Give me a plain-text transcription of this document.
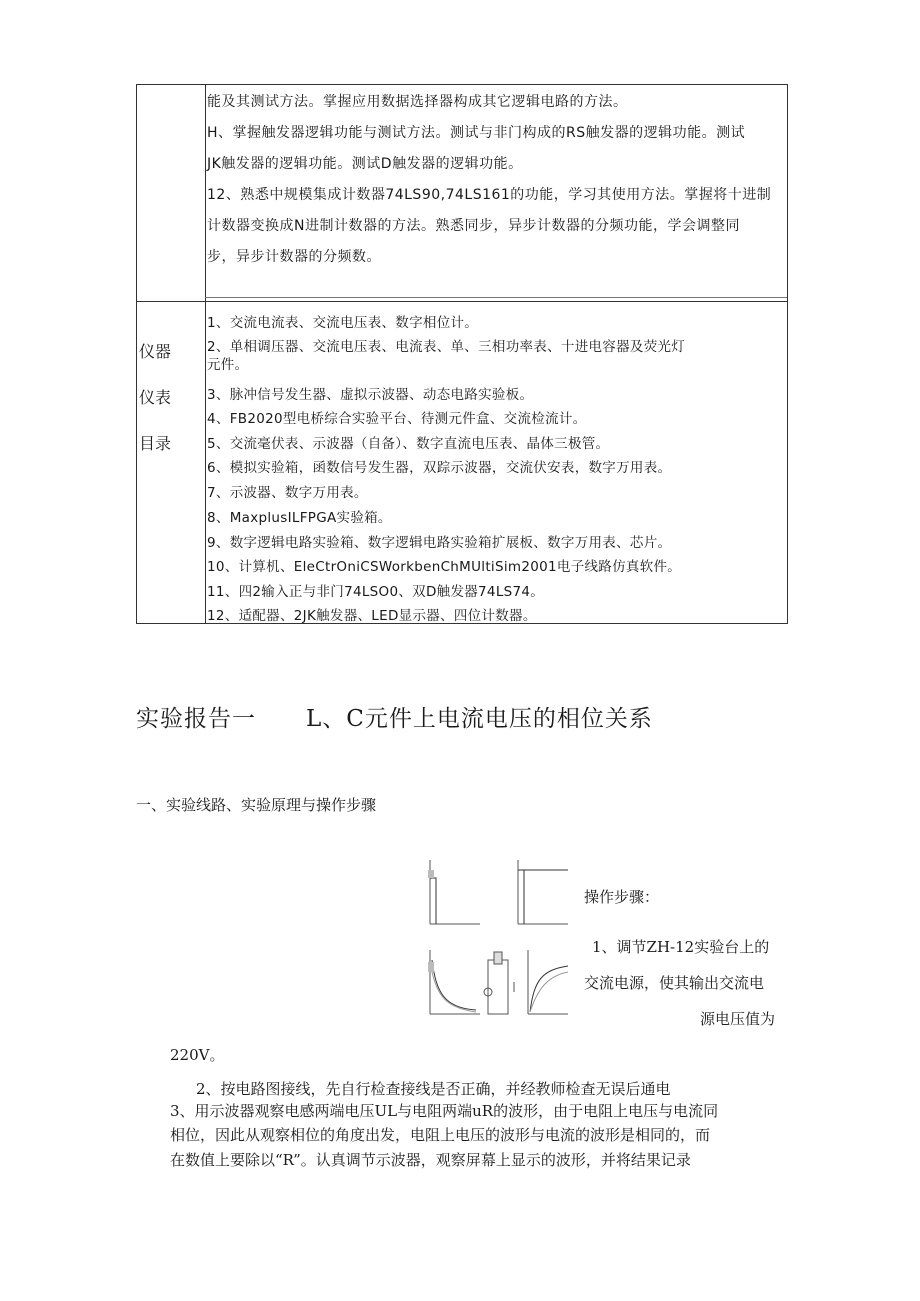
能及其测试方法。掌握应用数据选择器构成其它逻辑电路的方法。

H、掌握触发器逻辑功能与测试方法。测试与非门构成的RS触发器的逻辑功能。测试

JK触发器的逻辑功能。测试D触发器的逻辑功能。

12、熟悉中规模集成计数器74LS90,74LS161的功能，学习其使用方法。掌握将十进制

计数器变换成N进制计数器的方法。熟悉同步，异步计数器的分频功能，学会调整同

步，异步计数器的分频数。

仪器
仪表
目录
1、交流电流表、交流电压表、数字相位计。
2、单相调压器、交流电压表、电流表、单、三相功率表、十进电容器及荧光灯
元件。
3、脉冲信号发生器、虚拟示波器、动态电路实验板。
4、FB2020型电桥综合实验平台、待测元件盒、交流检流计。
5、交流毫伏表、示波器（自备）、数字直流电压表、晶体三极管。
6、模拟实验箱，函数信号发生器，双踪示波器，交流伏安表，数字万用表。
7、示波器、数字万用表。
8、MaxplusILFPGA实验箱。
9、数字逻辑电路实验箱、数字逻辑电路实验箱扩展板、数字万用表、芯片。
10、计算机、EleCtrOniCSWorkbenChMUltiSim2001电子线路仿真软件。
11、四2输入正与非门74LSO0、双D触发器74LS74。
12、适配器、2JK触发器、LED显示器、四位计数器。
实验报告一 L、C元件上电流电压的相位关系
一、实验线路、实验原理与操作步骤
操作步骤：
1、调节ZH-12实验台上的
交流电源，使其输出交流电
源电压值为
220V。
2、按电路图接线，先自行检查接线是否正确，并经教师检查无误后通电
3、用示波器观察电感两端电压UL与电阻两端uR的波形，由于电阻上电压与电流同
相位，因此从观察相位的角度出发，电阻上电压的波形与电流的波形是相同的，而
在数值上要除以“R”。认真调节示波器，观察屏幕上显示的波形，并将结果记录
